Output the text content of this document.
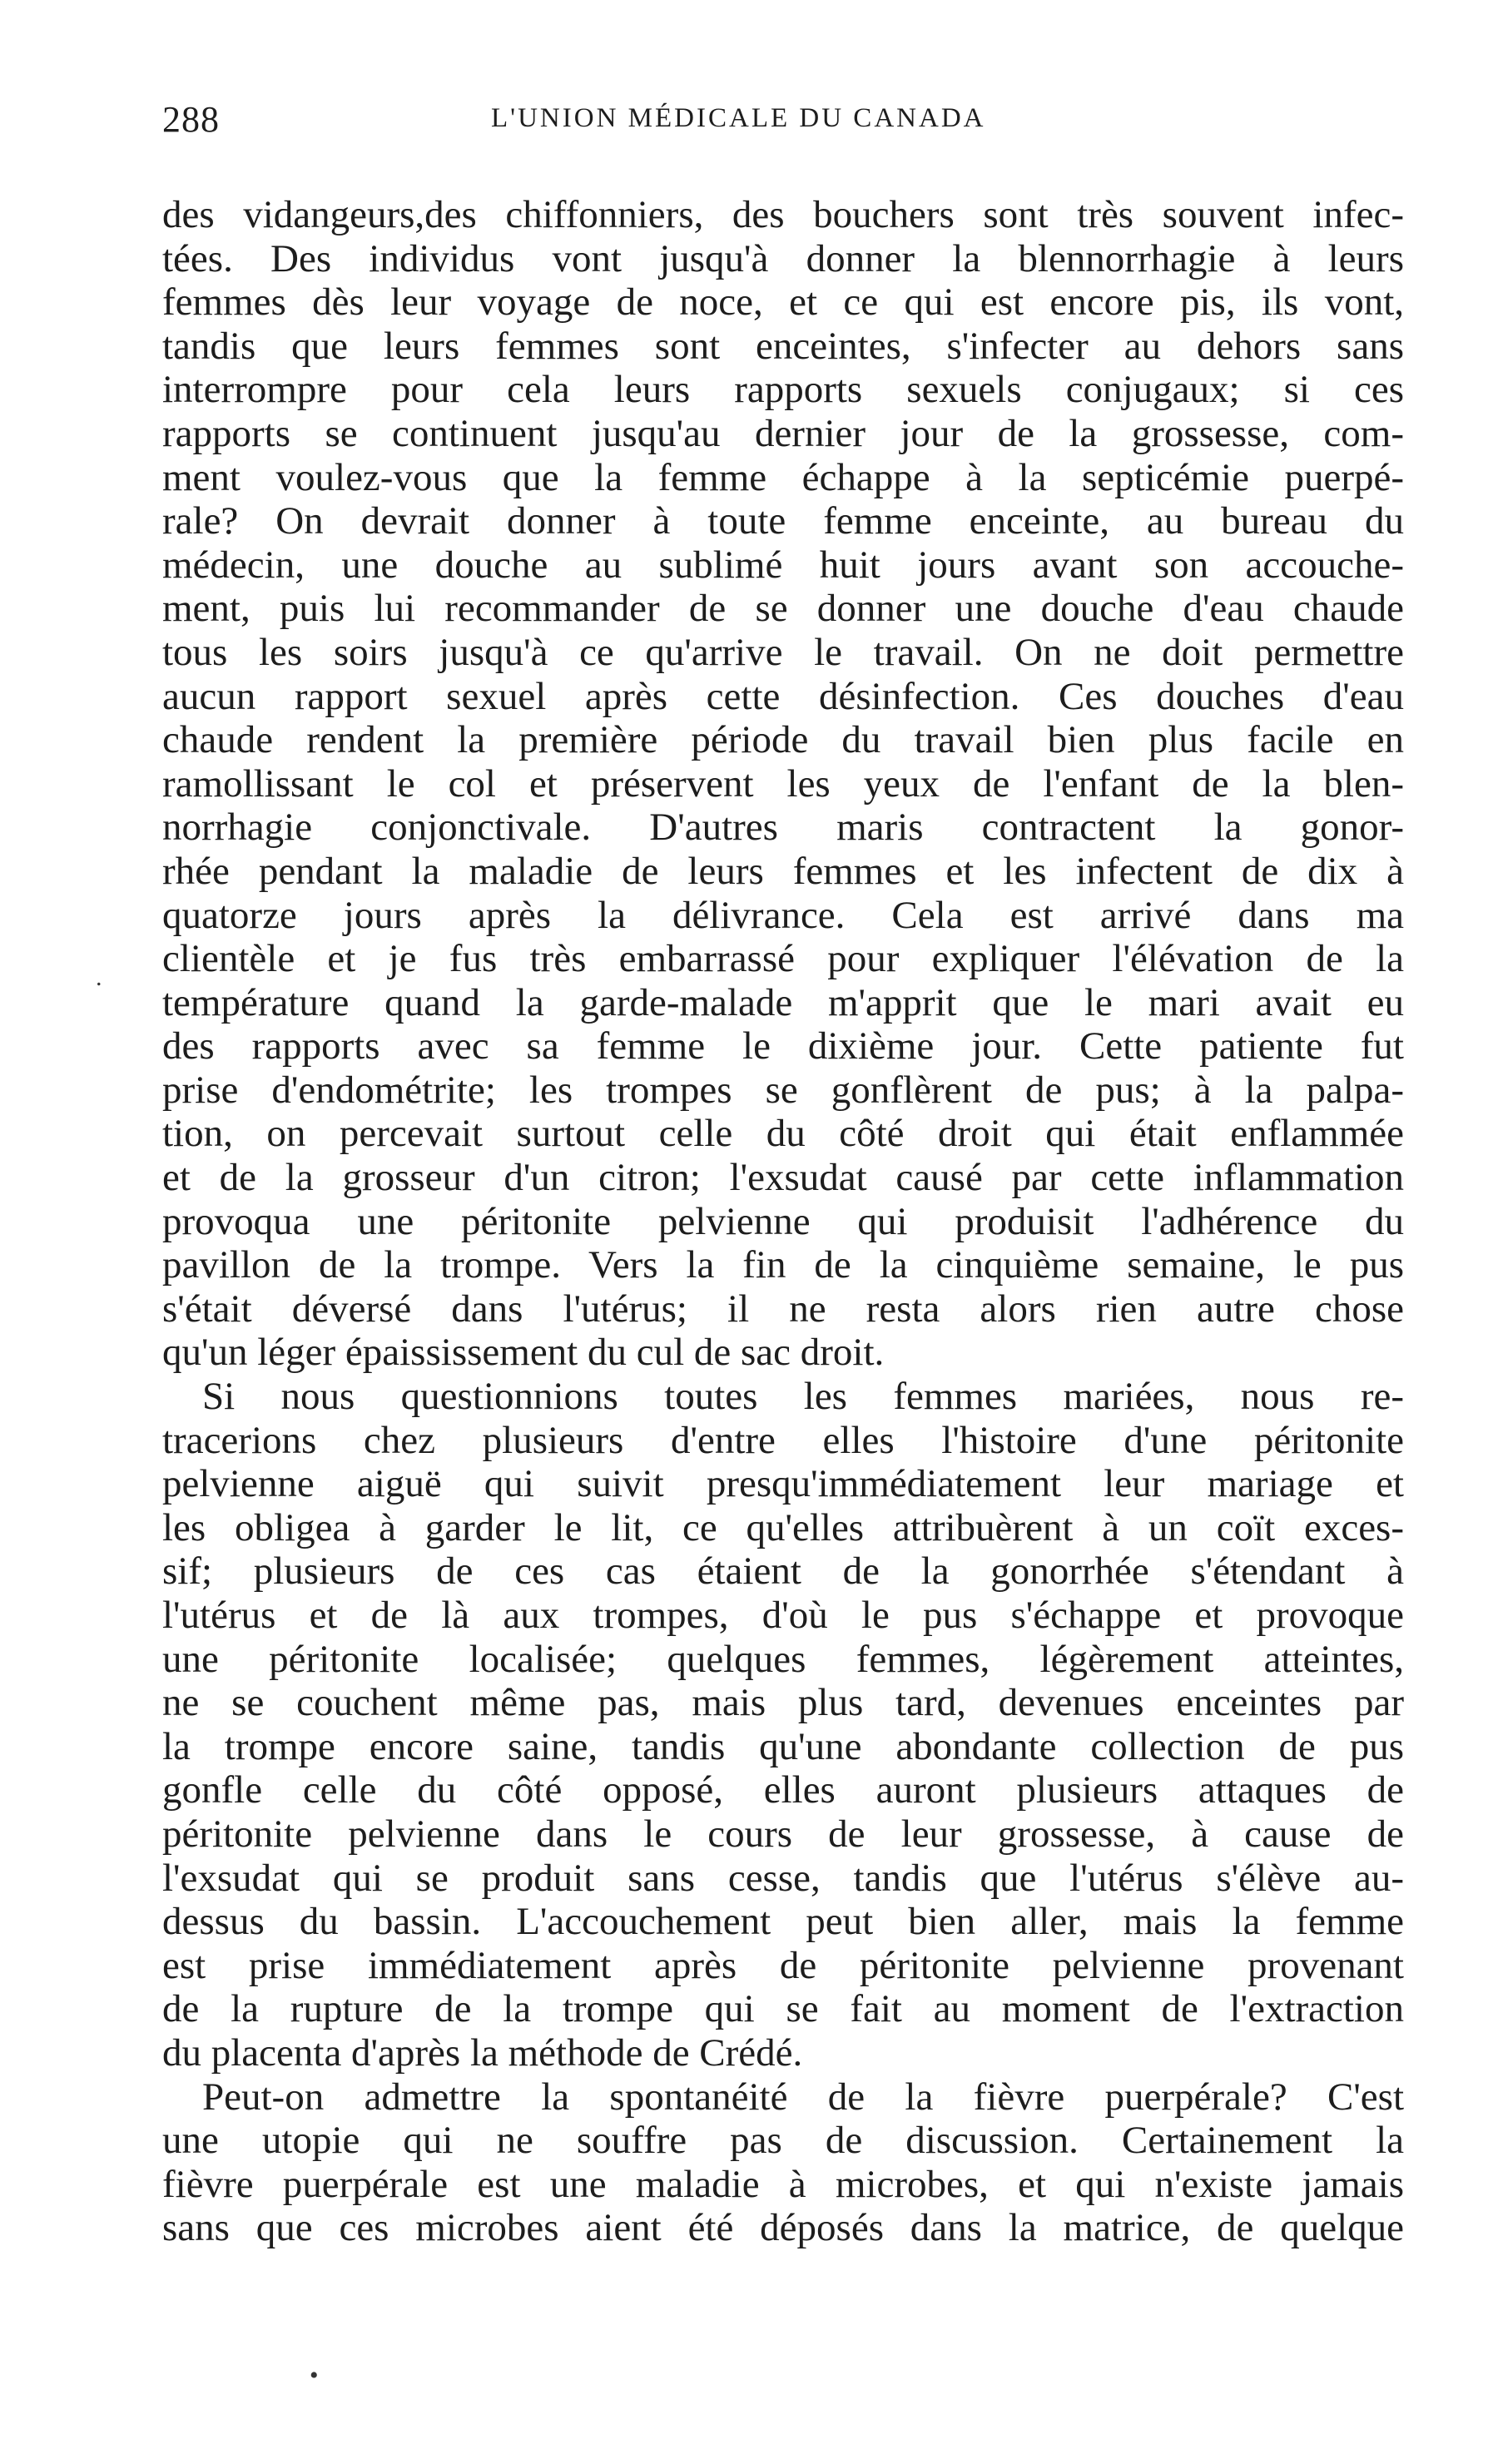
288	L'UNION MÉDICALE DU CANADA
des vidangeurs,des chiffonniers, des bouchers sont très souvent infec-
tées. Des individus vont jusqu'à donner la blennorrhagie à leurs
femmes dès leur voyage de noce, et ce qui est encore pis, ils vont,
tandis que leurs femmes sont enceintes, s'infecter au dehors sans
interrompre pour cela leurs rapports sexuels conjugaux; si ces
rapports se continuent jusqu'au dernier jour de la grossesse, com-
ment voulez-vous que la femme échappe à la septicémie puerpé-
rale? On devrait donner à toute femme enceinte, au bureau du
médecin, une douche au sublimé huit jours avant son accouche-
ment, puis lui recommander de se donner une douche d'eau chaude
tous les soirs jusqu'à ce qu'arrive le travail. On ne doit permettre
aucun rapport sexuel après cette désinfection. Ces douches d'eau
chaude rendent la première période du travail bien plus facile en
ramollissant le col et préservent les yeux de l'enfant de la blen-
norrhagie conjonctivale. D'autres maris contractent la gonor-
rhée pendant la maladie de leurs femmes et les infectent de dix à
quatorze jours après la délivrance. Cela est arrivé dans ma
clientèle et je fus très embarrassé pour expliquer l'élévation de la
température quand la garde-malade m'apprit que le mari avait eu
des rapports avec sa femme le dixième jour. Cette patiente fut
prise d'endométrite; les trompes se gonflèrent de pus; à la palpa-
tion, on percevait surtout celle du côté droit qui était enflammée
et de la grosseur d'un citron; l'exsudat causé par cette inflammation
provoqua une péritonite pelvienne qui produisit l'adhérence du
pavillon de la trompe. Vers la fin de la cinquième semaine, le pus
s'était déversé dans l'utérus; il ne resta alors rien autre chose
qu'un léger épaississement du cul de sac droit.
Si nous questionnions toutes les femmes mariées, nous re-
tracerions chez plusieurs d'entre elles l'histoire d'une péritonite
pelvienne aiguë qui suivit presqu'immédiatement leur mariage et
les obligea à garder le lit, ce qu'elles attribuèrent à un coït exces-
sif; plusieurs de ces cas étaient de la gonorrhée s'étendant à
l'utérus et de là aux trompes, d'où le pus s'échappe et provoque
une péritonite localisée; quelques femmes, légèrement atteintes,
ne se couchent même pas, mais plus tard, devenues enceintes par
la trompe encore saine, tandis qu'une abondante collection de pus
gonfle celle du côté opposé, elles auront plusieurs attaques de
péritonite pelvienne dans le cours de leur grossesse, à cause de
l'exsudat qui se produit sans cesse, tandis que l'utérus s'élève au-
dessus du bassin. L'accouchement peut bien aller, mais la femme
est prise immédiatement après de péritonite pelvienne provenant
de la rupture de la trompe qui se fait au moment de l'extraction
du placenta d'après la méthode de Crédé.
Peut-on admettre la spontanéité de la fièvre puerpérale? C'est
une utopie qui ne souffre pas de discussion. Certainement la
fièvre puerpérale est une maladie à microbes, et qui n'existe jamais
sans que ces microbes aient été déposés dans la matrice, de quelque
.
•
